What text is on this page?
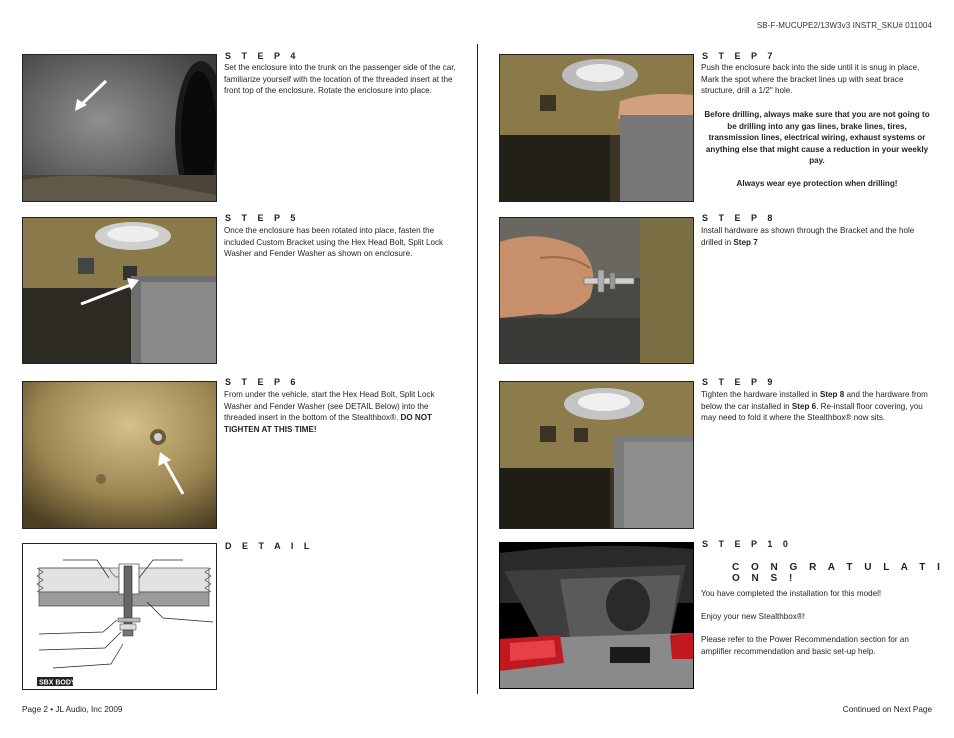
SB-F-MUCUPE2/13W3v3 INSTR_SKU# 011004
S T E P 4
Set the enclosure into the trunk on the passenger side of the car, familiarize yourself with the location of the threaded insert at the front top of the enclosure. Rotate the enclosure into place.
S T E P 5
Once the enclosure has been rotated into place, fasten the included Custom Bracket using the Hex Head Bolt, Split Lock Washer and Fender Washer as shown on enclosure.
S T E P 6
From under the vehicle, start the Hex Head Bolt, Split Lock Washer and Fender Washer (see DETAIL Below) into the threaded insert in the bottom of the Stealthbox®. DO NOT TIGHTEN AT THIS TIME!
SBX BODY
D E T A I L
S T E P 7
Push the enclosure back into the side until it is snug in place, Mark the spot where the bracket lines up with seat brace structure, drill a 1/2" hole.
Before drilling, always make sure that you are not going to be drilling into any gas lines, brake lines, tires, transmission lines, electrical wiring, exhaust systems or anything else that might cause a reduction in your weekly pay.
Always wear eye protection when drilling!
S T E P 8
Install hardware as shown through the Bracket and the hole drilled in Step 7
S T E P 9
Tighten the hardware installed in Step 8 and the hardware from below the car installed in Step 6. Re-install floor covering, you may need to fold it where the Stealthbox® now sits.
S T E P 1 0
C O N G R A T U L A T I O N S !
You have completed the installation for this model!
Enjoy your new Stealthbox®!
Please refer to the Power Recommendation section for an amplifier recommendation and basic set-up help.
Page 2 • JL Audio, Inc 2009	Continued on Next Page
